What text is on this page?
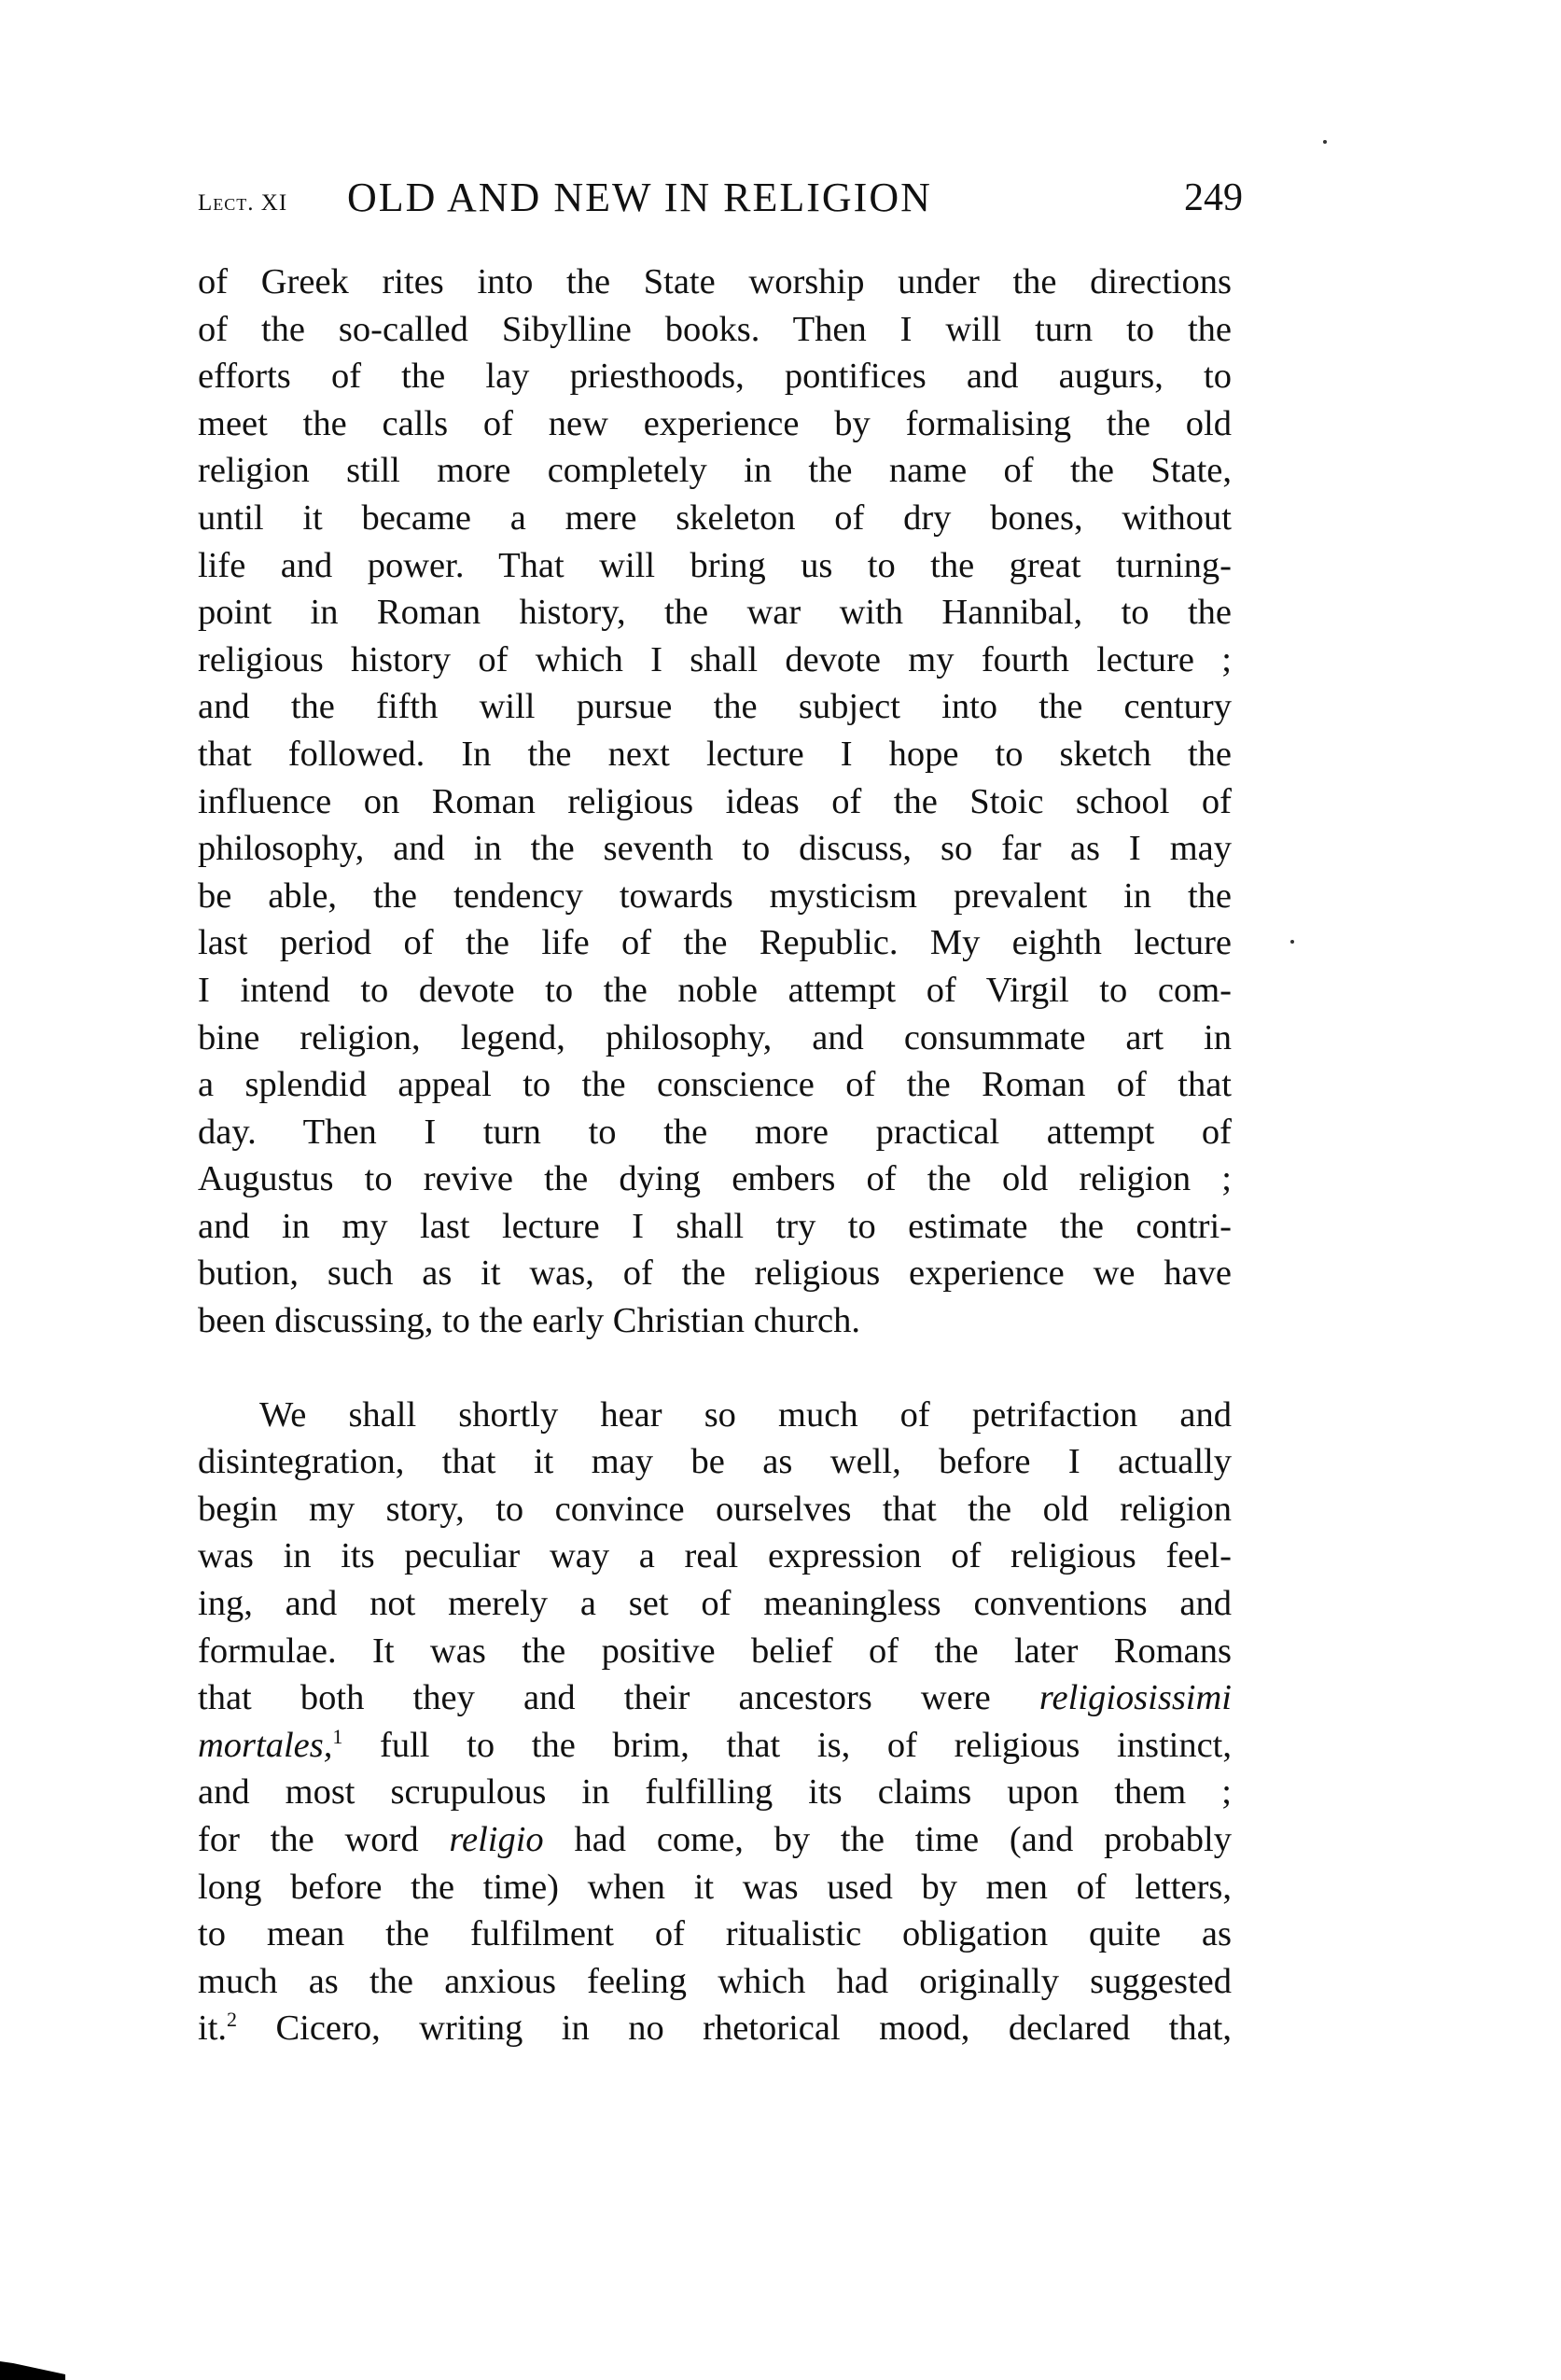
Lect. XI OLD AND NEW IN RELIGION	249
of Greek rites into the State worship under the directions
of the so-called Sibylline books. Then I will turn to the
efforts of the lay priesthoods, pontifices and augurs, to
meet the calls of new experience by formalising the old
religion still more completely in the name of the State,
until it became a mere skeleton of dry bones, without
life and power. That will bring us to the great turning-
point in Roman history, the war with Hannibal, to the
religious history of which I shall devote my fourth lecture ;
and the fifth will pursue the subject into the century
that followed. In the next lecture I hope to sketch the
influence on Roman religious ideas of the Stoic school of
philosophy, and in the seventh to discuss, so far as I may
be able, the tendency towards mysticism prevalent in the
last period of the life of the Republic. My eighth lecture
I intend to devote to the noble attempt of Virgil to com-
bine religion, legend, philosophy, and consummate art in
a splendid appeal to the conscience of the Roman of that
day. Then I turn to the more practical attempt of
Augustus to revive the dying embers of the old religion ;
and in my last lecture I shall try to estimate the contri-
bution, such as it was, of the religious experience we have
been discussing, to the early Christian church.
We shall shortly hear so much of petrifaction and
disintegration, that it may be as well, before I actually
begin my story, to convince ourselves that the old religion
was in its peculiar way a real expression of religious feel-
ing, and not merely a set of meaningless conventions and
formulae. It was the positive belief of the later Romans
that both they and their ancestors were religiosissimi
mortales,$^1$ full to the brim, that is, of religious instinct,
and most scrupulous in fulfilling its claims upon them ;
for the word religio had come, by the time (and probably
long before the time) when it was used by men of letters,
to mean the fulfilment of ritualistic obligation quite as
much as the anxious feeling which had originally suggested
it.$^2$ Cicero, writing in no rhetorical mood, declared that,
